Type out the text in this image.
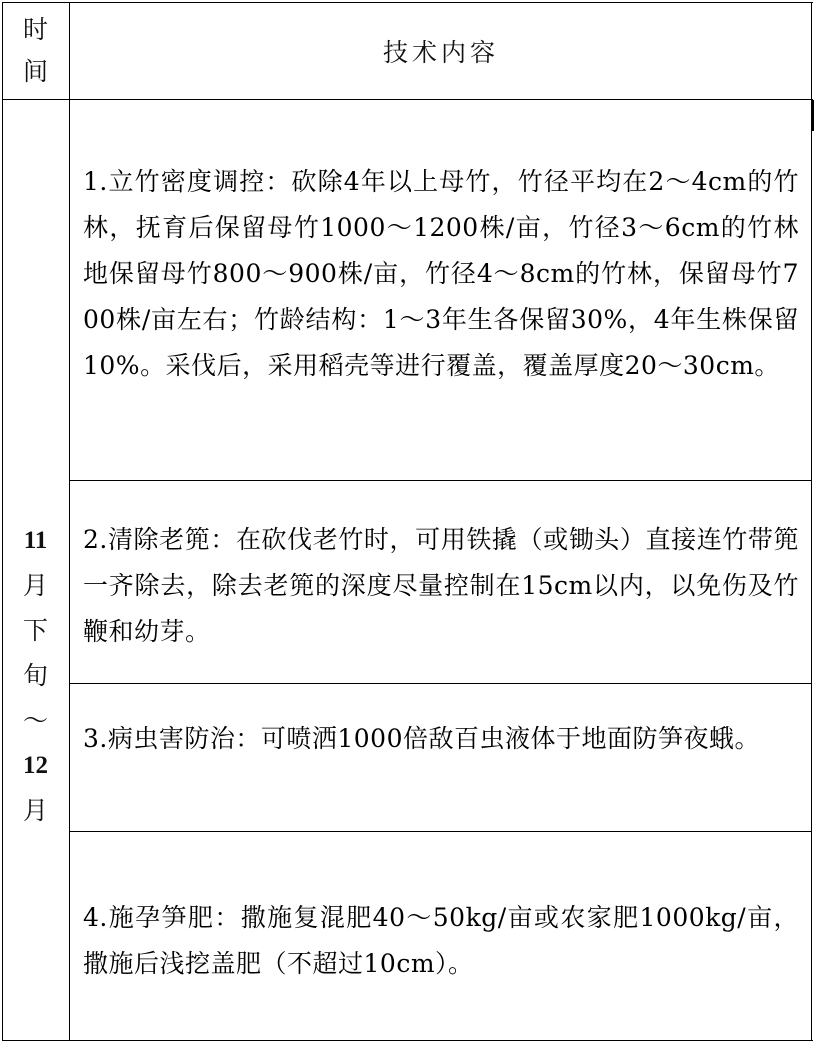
时
间
技术内容
11
月
下
旬
～
12
月
1.立竹密度调控：砍除4年以上母竹，竹径平均在2～4cm的竹林，抚育后保留母竹1000～1200株/亩，竹径3～6cm的竹林地保留母竹800～900株/亩，竹径4～8cm的竹林，保留母竹700株/亩左右；竹龄结构：1～3年生各保留30%，4年生株保留10%。采伐后，采用稻壳等进行覆盖，覆盖厚度20～30cm。
2.清除老篼：在砍伐老竹时，可用铁撬（或锄头）直接连竹带篼一齐除去，除去老篼的深度尽量控制在15cm以内，以免伤及竹鞭和幼芽。
3.病虫害防治：可喷洒1000倍敌百虫液体于地面防笋夜蛾。
4.施孕笋肥：撒施复混肥40～50kg/亩或农家肥1000kg/亩，撒施后浅挖盖肥（不超过10cm）。
